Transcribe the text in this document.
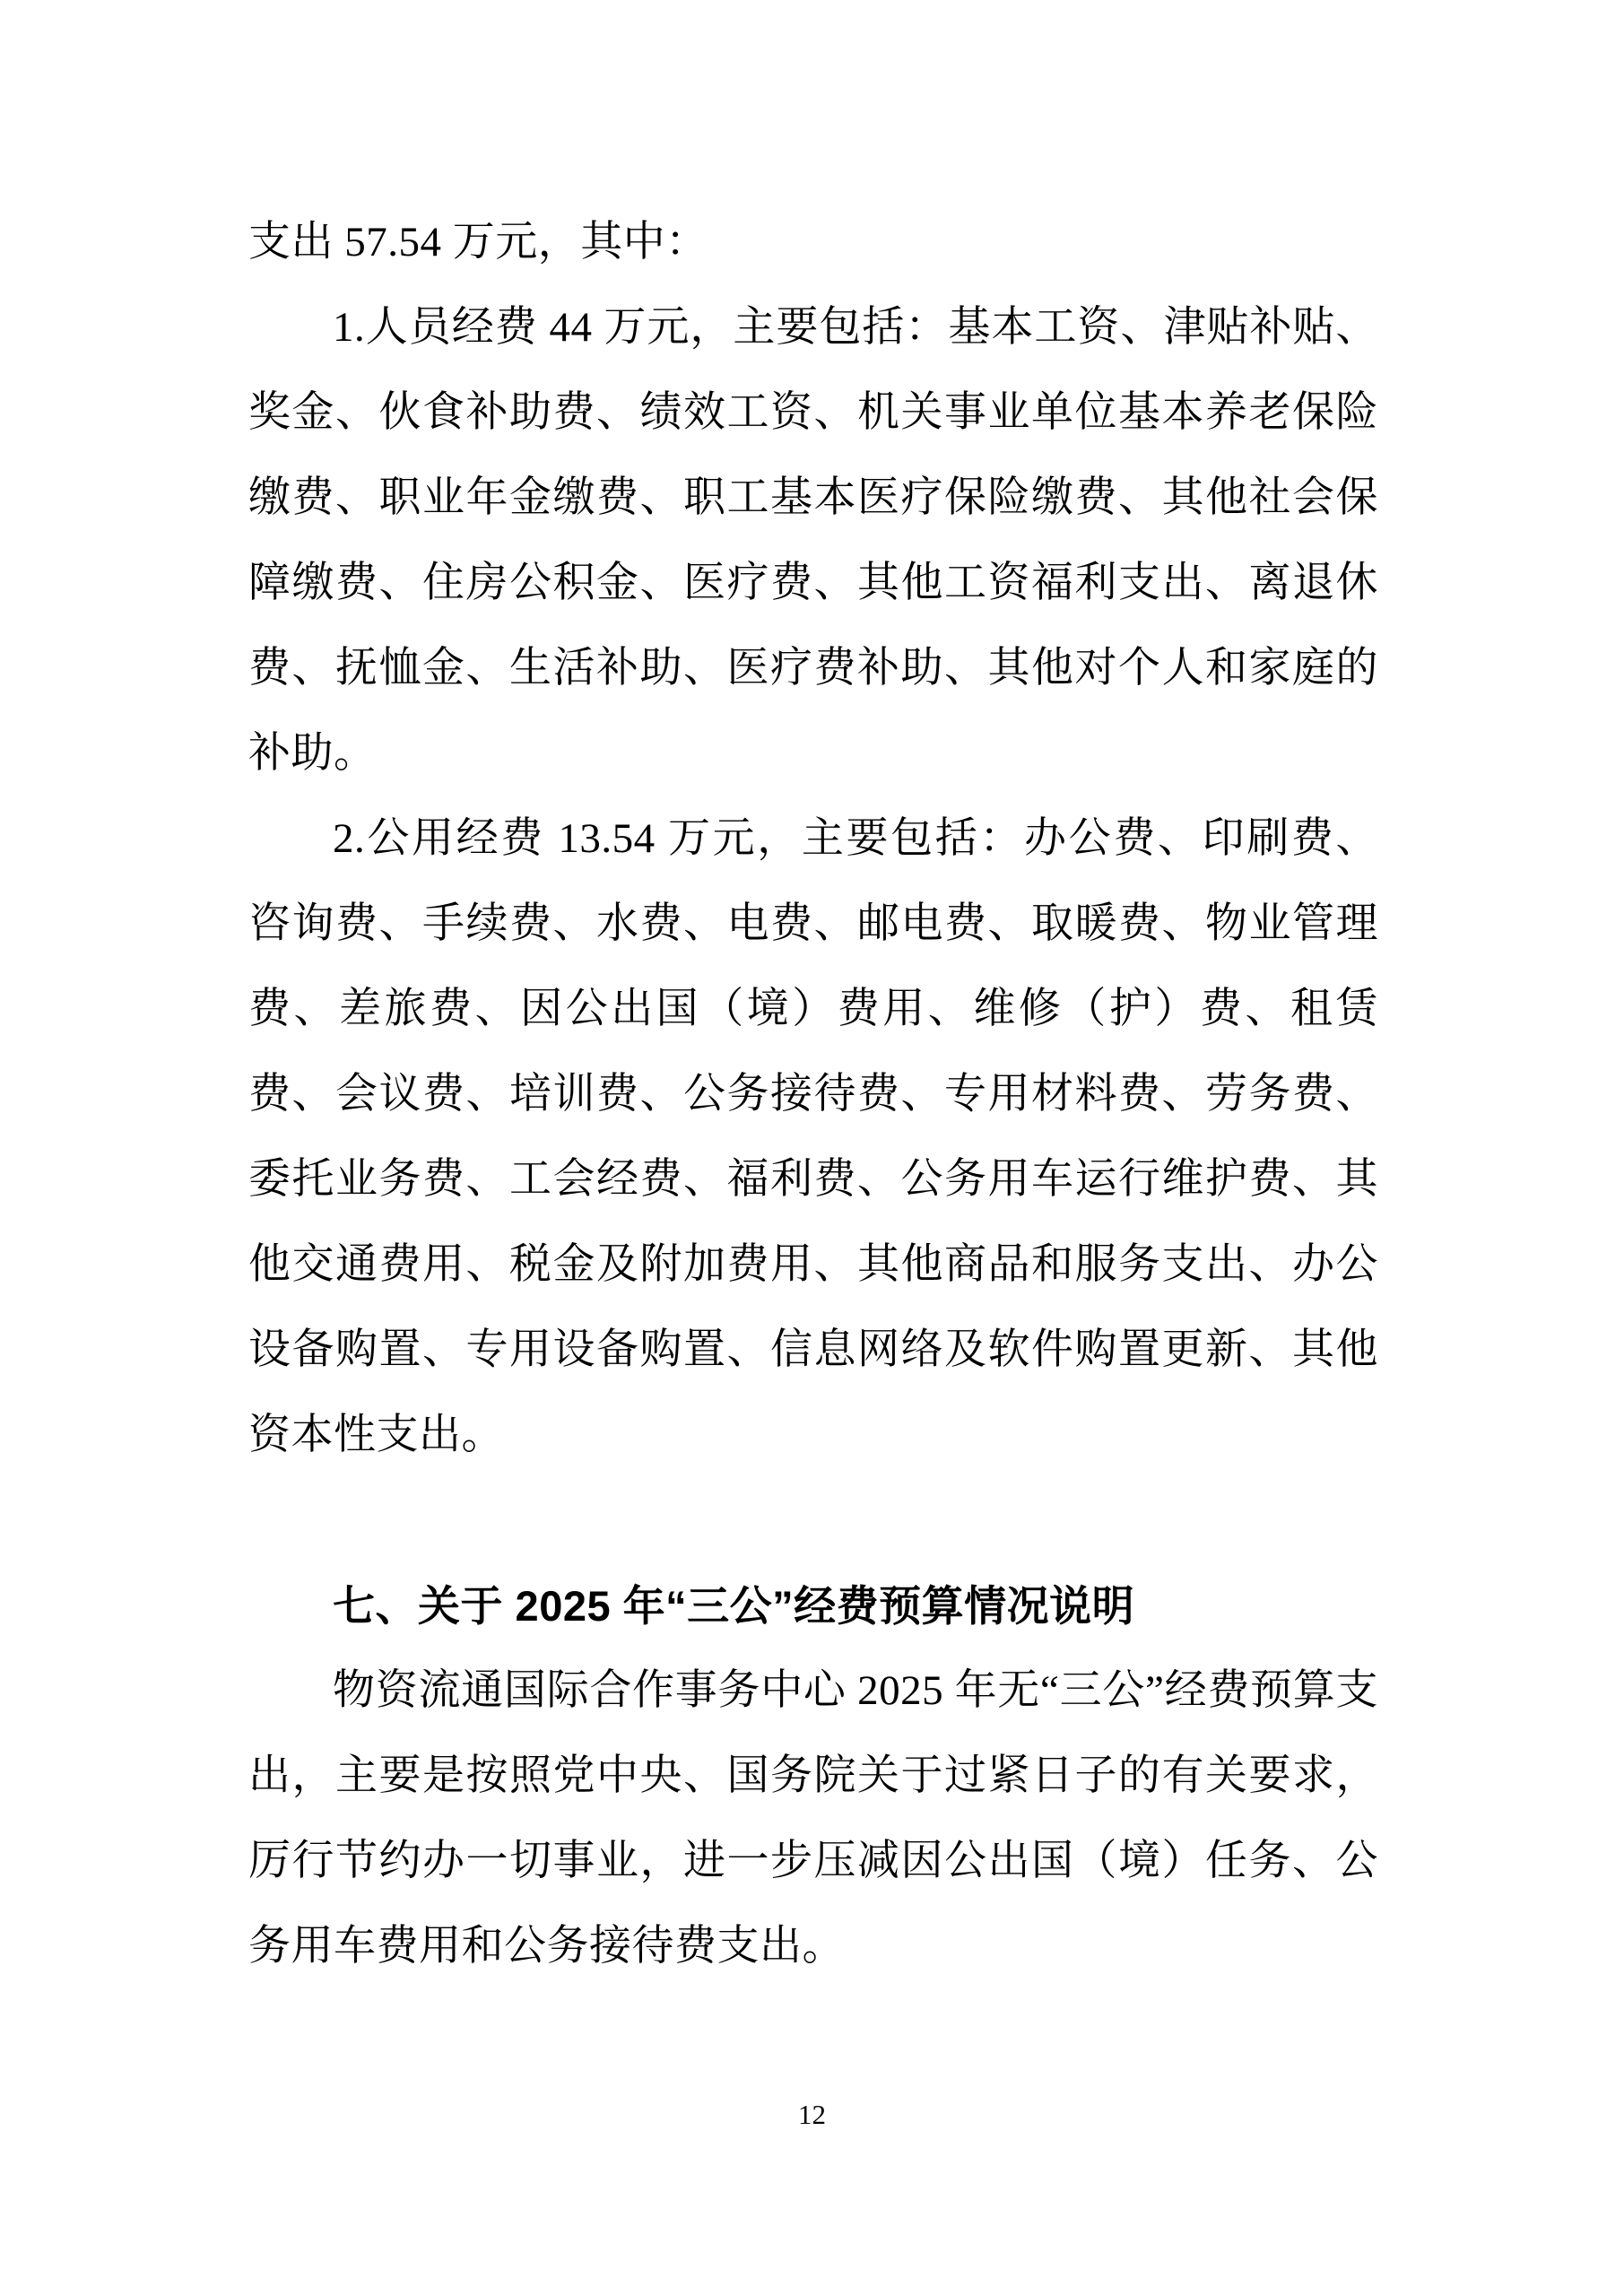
支出 57.54 万元，其中：

1.人员经费 44 万元，主要包括：基本工资、津贴补贴、奖金、伙食补助费、绩效工资、机关事业单位基本养老保险缴费、职业年金缴费、职工基本医疗保险缴费、其他社会保障缴费、住房公积金、医疗费、其他工资福利支出、离退休费、抚恤金、生活补助、医疗费补助、其他对个人和家庭的补助。

2.公用经费 13.54 万元，主要包括：办公费、印刷费、咨询费、手续费、水费、电费、邮电费、取暖费、物业管理费、差旅费、因公出国（境）费用、维修（护）费、租赁费、会议费、培训费、公务接待费、专用材料费、劳务费、委托业务费、工会经费、福利费、公务用车运行维护费、其他交通费用、税金及附加费用、其他商品和服务支出、办公设备购置、专用设备购置、信息网络及软件购置更新、其他资本性支出。

七、关于 2025 年“三公”经费预算情况说明

物资流通国际合作事务中心 2025 年无“三公”经费预算支出，主要是按照党中央、国务院关于过紧日子的有关要求，厉行节约办一切事业，进一步压减因公出国（境）任务、公务用车费用和公务接待费支出。

12
